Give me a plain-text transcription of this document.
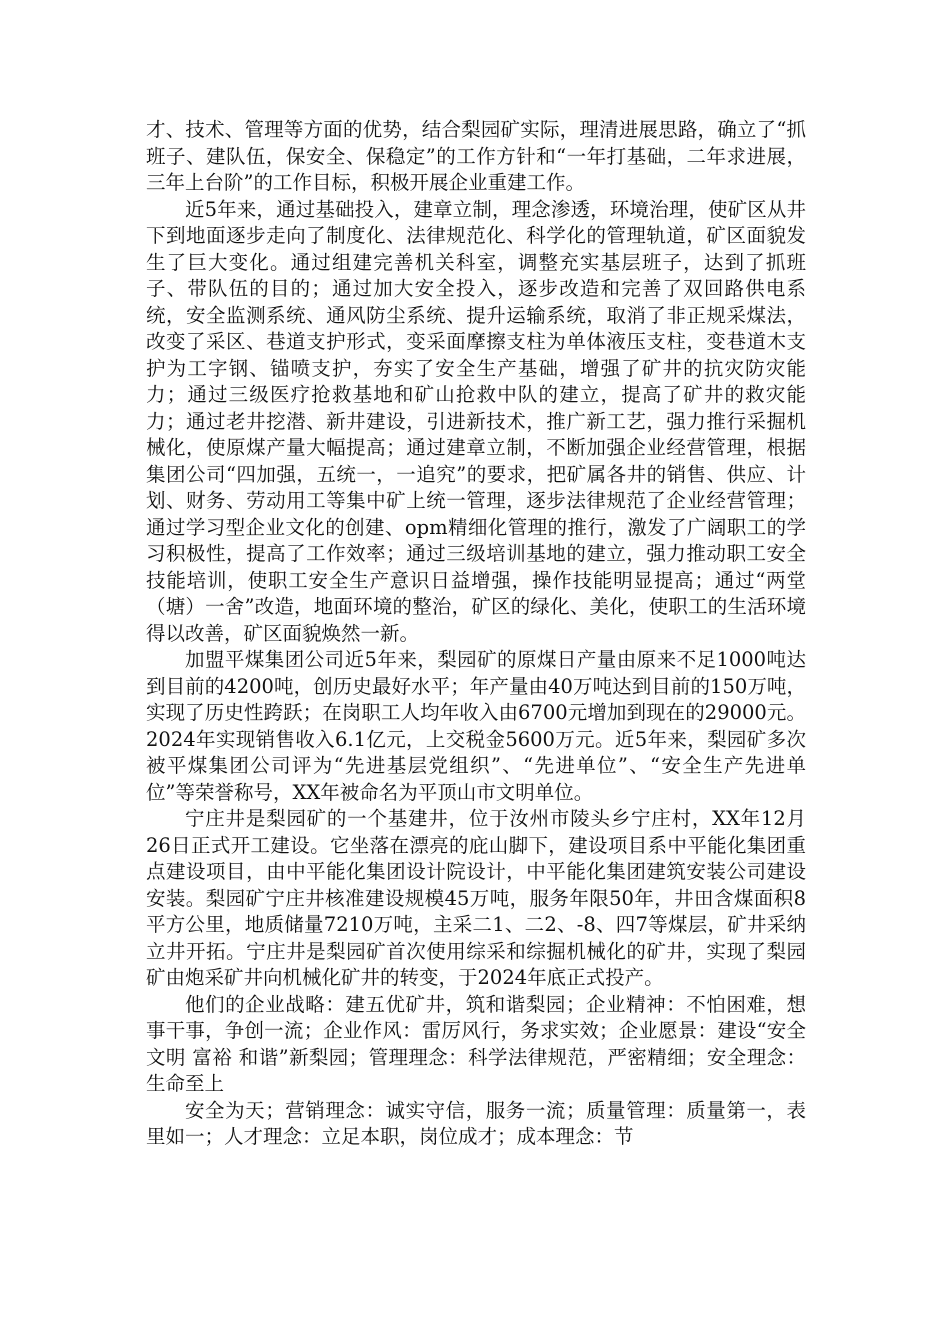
才、技术、管理等方面的优势，结合梨园矿实际，理清进展思路，确立了“抓班子、建队伍，保安全、保稳定”的工作方针和“一年打基础，二年求进展，三年上台阶”的工作目标，积极开展企业重建工作。

近5年来，通过基础投入，建章立制，理念渗透，环境治理，使矿区从井下到地面逐步走向了制度化、法律规范化、科学化的管理轨道，矿区面貌发生了巨大变化。通过组建完善机关科室，调整充实基层班子，达到了抓班子、带队伍的目的；通过加大安全投入，逐步改造和完善了双回路供电系统，安全监测系统、通风防尘系统、提升运输系统，取消了非正规采煤法，改变了采区、巷道支护形式，变采面摩擦支柱为单体液压支柱，变巷道木支护为工字钢、锚喷支护，夯实了安全生产基础，增强了矿井的抗灾防灾能力；通过三级医疗抢救基地和矿山抢救中队的建立，提高了矿井的救灾能力；通过老井挖潜、新井建设，引进新技术，推广新工艺，强力推行采掘机械化，使原煤产量大幅提高；通过建章立制，不断加强企业经营管理，根据集团公司“四加强，五统一，一追究”的要求，把矿属各井的销售、供应、计划、财务、劳动用工等集中矿上统一管理，逐步法律规范了企业经营管理；通过学习型企业文化的创建、opm精细化管理的推行，激发了广阔职工的学习积极性，提高了工作效率；通过三级培训基地的建立，强力推动职工安全技能培训，使职工安全生产意识日益增强，操作技能明显提高；通过“两堂（塘）一舍”改造，地面环境的整治，矿区的绿化、美化，使职工的生活环境得以改善，矿区面貌焕然一新。

加盟平煤集团公司近5年来，梨园矿的原煤日产量由原来不足1000吨达到目前的4200吨，创历史最好水平；年产量由40万吨达到目前的150万吨，实现了历史性跨跃；在岗职工人均年收入由6700元增加到现在的29000元。2024年实现销售收入6.1亿元，上交税金5600万元。近5年来，梨园矿多次被平煤集团公司评为“先进基层党组织”、“先进单位”、“安全生产先进单位”等荣誉称号，XX年被命名为平顶山市文明单位。

宁庄井是梨园矿的一个基建井，位于汝州市陵头乡宁庄村，XX年12月26日正式开工建设。它坐落在漂亮的庇山脚下，建设项目系中平能化集团重点建设项目，由中平能化集团设计院设计，中平能化集团建筑安装公司建设安装。梨园矿宁庄井核准建设规模45万吨，服务年限50年，井田含煤面积8平方公里，地质储量7210万吨，主采二1、二2、-8、四7等煤层，矿井采纳立井开拓。宁庄井是梨园矿首次使用综采和综掘机械化的矿井，实现了梨园矿由炮采矿井向机械化矿井的转变，于2024年底正式投产。

他们的企业战略：建五优矿井，筑和谐梨园；企业精神：不怕困难，想事干事，争创一流；企业作风：雷厉风行，务求实效；企业愿景：建设“安全文明 富裕 和谐”新梨园；管理理念：科学法律规范，严密精细；安全理念：生命至上

安全为天；营销理念：诚实守信，服务一流；质量管理：质量第一，表里如一；人才理念：立足本职，岗位成才；成本理念：节
